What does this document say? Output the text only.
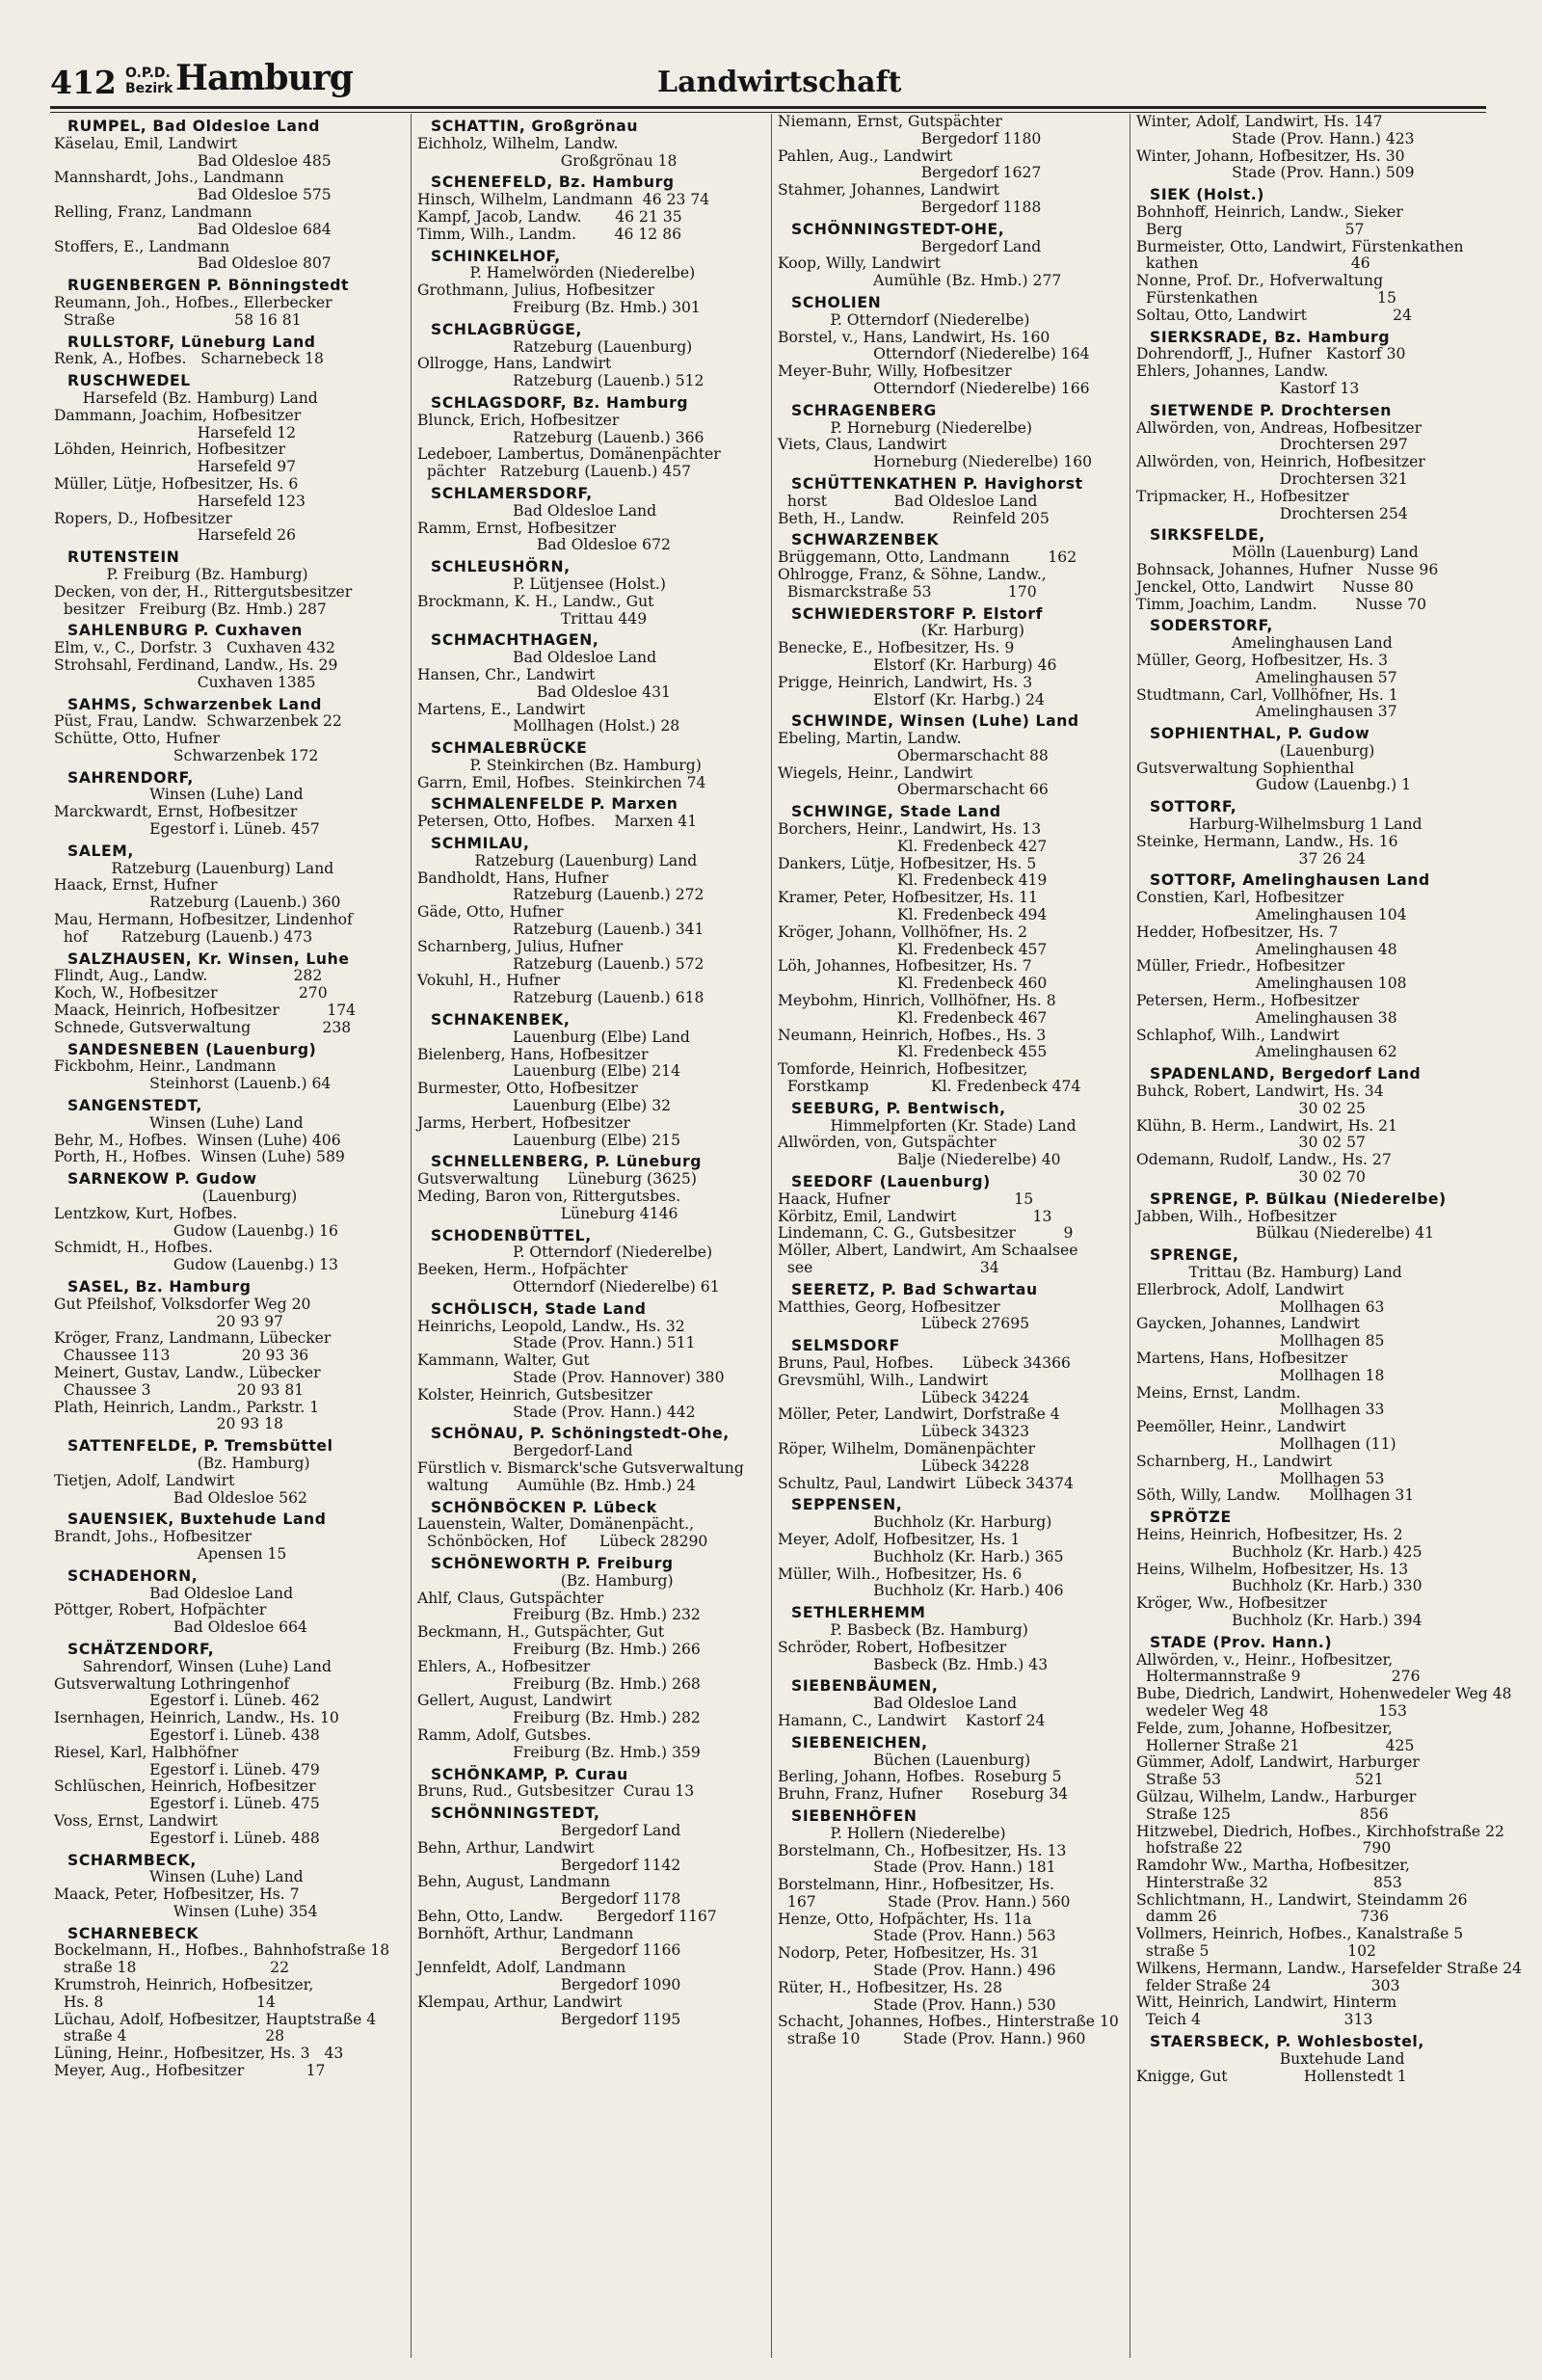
412 O.P.D.
Bezirk Hamburg	Landwirtschaft
RUMPEL, Bad Oldesloe Land
Käselau, Emil, Landwirt
Bad Oldesloe 485
Mannshardt, Johs., Landmann
Bad Oldesloe 575
Relling, Franz, Landmann
Bad Oldesloe 684
Stoffers, E., Landmann
Bad Oldesloe 807
RUGENBERGEN P. Bönningstedt
Reumann, Joh., Hofbes., Ellerbecker
Straße                         58 16 81
RULLSTORF, Lüneburg Land
Renk, A., Hofbes.   Scharnebeck 18
RUSCHWEDEL
Harsefeld (Bz. Hamburg) Land
Dammann, Joachim, Hofbesitzer
Harsefeld 12
Löhden, Heinrich, Hofbesitzer
Harsefeld 97
Müller, Lütje, Hofbesitzer, Hs. 6
Harsefeld 123
Ropers, D., Hofbesitzer
Harsefeld 26
RUTENSTEIN
P. Freiburg (Bz. Hamburg)
Decken, von der, H., Rittergutsbesitzer
besitzer   Freiburg (Bz. Hmb.) 287
SAHLENBURG P. Cuxhaven
Elm, v., C., Dorfstr. 3   Cuxhaven 432
Strohsahl, Ferdinand, Landw., Hs. 29
Cuxhaven 1385
SAHMS, Schwarzenbek Land
Püst, Frau, Landw.  Schwarzenbek 22
Schütte, Otto, Hufner
Schwarzenbek 172
SAHRENDORF,
Winsen (Luhe) Land
Marckwardt, Ernst, Hofbesitzer
Egestorf i. Lüneb. 457
SALEM,
Ratzeburg (Lauenburg) Land
Haack, Ernst, Hufner
Ratzeburg (Lauenb.) 360
Mau, Hermann, Hofbesitzer, Lindenhof
hof       Ratzeburg (Lauenb.) 473
SALZHAUSEN, Kr. Winsen, Luhe
Flindt, Aug., Landw.                  282
Koch, W., Hofbesitzer                 270
Maack, Heinrich, Hofbesitzer          174
Schnede, Gutsverwaltung               238
SANDESNEBEN (Lauenburg)
Fickbohm, Heinr., Landmann
Steinhorst (Lauenb.) 64
SANGENSTEDT,
Winsen (Luhe) Land
Behr, M., Hofbes.  Winsen (Luhe) 406
Porth, H., Hofbes.  Winsen (Luhe) 589
SARNEKOW P. Gudow
(Lauenburg)
Lentzkow, Kurt, Hofbes.
Gudow (Lauenbg.) 16
Schmidt, H., Hofbes.
Gudow (Lauenbg.) 13
SASEL, Bz. Hamburg
Gut Pfeilshof, Volksdorfer Weg 20
20 93 97
Kröger, Franz, Landmann, Lübecker
Chaussee 113               20 93 36
Meinert, Gustav, Landw., Lübecker
Chaussee 3                  20 93 81
Plath, Heinrich, Landm., Parkstr. 1
20 93 18
SATTENFELDE, P. Tremsbüttel
(Bz. Hamburg)
Tietjen, Adolf, Landwirt
Bad Oldesloe 562
SAUENSIEK, Buxtehude Land
Brandt, Johs., Hofbesitzer
Apensen 15
SCHADEHORN,
Bad Oldesloe Land
Pöttger, Robert, Hofpächter
Bad Oldesloe 664
SCHÄTZENDORF,
Sahrendorf, Winsen (Luhe) Land
Gutsverwaltung Lothringenhof
Egestorf i. Lüneb. 462
Isernhagen, Heinrich, Landw., Hs. 10
Egestorf i. Lüneb. 438
Riesel, Karl, Halbhöfner
Egestorf i. Lüneb. 479
Schlüschen, Heinrich, Hofbesitzer
Egestorf i. Lüneb. 475
Voss, Ernst, Landwirt
Egestorf i. Lüneb. 488
SCHARMBECK,
Winsen (Luhe) Land
Maack, Peter, Hofbesitzer, Hs. 7
Winsen (Luhe) 354
SCHARNEBECK
Bockelmann, H., Hofbes., Bahnhofstraße 18
straße 18                            22
Krumstroh, Heinrich, Hofbesitzer,
Hs. 8                                14
Lüchau, Adolf, Hofbesitzer, Hauptstraße 4
straße 4                             28
Lüning, Heinr., Hofbesitzer, Hs. 3   43
Meyer, Aug., Hofbesitzer             17
SCHATTIN, Großgrönau
Eichholz, Wilhelm, Landw.
Großgrönau 18
SCHENEFELD, Bz. Hamburg
Hinsch, Wilhelm, Landmann  46 23 74
Kampf, Jacob, Landw.       46 21 35
Timm, Wilh., Landm.        46 12 86
SCHINKELHOF,
P. Hamelwörden (Niederelbe)
Grothmann, Julius, Hofbesitzer
Freiburg (Bz. Hmb.) 301
SCHLAGBRÜGGE,
Ratzeburg (Lauenburg)
Ollrogge, Hans, Landwirt
Ratzeburg (Lauenb.) 512
SCHLAGSDORF, Bz. Hamburg
Blunck, Erich, Hofbesitzer
Ratzeburg (Lauenb.) 366
Ledeboer, Lambertus, Domänenpächter
pächter   Ratzeburg (Lauenb.) 457
SCHLAMERSDORF,
Bad Oldesloe Land
Ramm, Ernst, Hofbesitzer
Bad Oldesloe 672
SCHLEUSHÖRN,
P. Lütjensee (Holst.)
Brockmann, K. H., Landw., Gut
Trittau 449
SCHMACHTHAGEN,
Bad Oldesloe Land
Hansen, Chr., Landwirt
Bad Oldesloe 431
Martens, E., Landwirt
Mollhagen (Holst.) 28
SCHMALEBRÜCKE
P. Steinkirchen (Bz. Hamburg)
Garrn, Emil, Hofbes.  Steinkirchen 74
SCHMALENFELDE P. Marxen
Petersen, Otto, Hofbes.    Marxen 41
SCHMILAU,
Ratzeburg (Lauenburg) Land
Bandholdt, Hans, Hufner
Ratzeburg (Lauenb.) 272
Gäde, Otto, Hufner
Ratzeburg (Lauenb.) 341
Scharnberg, Julius, Hufner
Ratzeburg (Lauenb.) 572
Vokuhl, H., Hufner
Ratzeburg (Lauenb.) 618
SCHNAKENBEK,
Lauenburg (Elbe) Land
Bielenberg, Hans, Hofbesitzer
Lauenburg (Elbe) 214
Burmester, Otto, Hofbesitzer
Lauenburg (Elbe) 32
Jarms, Herbert, Hofbesitzer
Lauenburg (Elbe) 215
SCHNELLENBERG, P. Lüneburg
Gutsverwaltung      Lüneburg (3625)
Meding, Baron von, Rittergutsbes.
Lüneburg 4146
SCHODENBÜTTEL,
P. Otterndorf (Niederelbe)
Beeken, Herm., Hofpächter
Otterndorf (Niederelbe) 61
SCHÖLISCH, Stade Land
Heinrichs, Leopold, Landw., Hs. 32
Stade (Prov. Hann.) 511
Kammann, Walter, Gut
Stade (Prov. Hannover) 380
Kolster, Heinrich, Gutsbesitzer
Stade (Prov. Hann.) 442
SCHÖNAU, P. Schöningstedt-Ohe,
Bergedorf-Land
Fürstlich v. Bismarck'sche Gutsverwaltung
waltung      Aumühle (Bz. Hmb.) 24
SCHÖNBÖCKEN P. Lübeck
Lauenstein, Walter, Domänenpächt.,
Schönböcken, Hof       Lübeck 28290
SCHÖNEWORTH P. Freiburg
(Bz. Hamburg)
Ahlf, Claus, Gutspächter
Freiburg (Bz. Hmb.) 232
Beckmann, H., Gutspächter, Gut
Freiburg (Bz. Hmb.) 266
Ehlers, A., Hofbesitzer
Freiburg (Bz. Hmb.) 268
Gellert, August, Landwirt
Freiburg (Bz. Hmb.) 282
Ramm, Adolf, Gutsbes.
Freiburg (Bz. Hmb.) 359
SCHÖNKAMP, P. Curau
Bruns, Rud., Gutsbesitzer  Curau 13
SCHÖNNINGSTEDT,
Bergedorf Land
Behn, Arthur, Landwirt
Bergedorf 1142
Behn, August, Landmann
Bergedorf 1178
Behn, Otto, Landw.       Bergedorf 1167
Bornhöft, Arthur, Landmann
Bergedorf 1166
Jennfeldt, Adolf, Landmann
Bergedorf 1090
Klempau, Arthur, Landwirt
Bergedorf 1195
Niemann, Ernst, Gutspächter
Bergedorf 1180
Pahlen, Aug., Landwirt
Bergedorf 1627
Stahmer, Johannes, Landwirt
Bergedorf 1188
SCHÖNNINGSTEDT-OHE,
Bergedorf Land
Koop, Willy, Landwirt
Aumühle (Bz. Hmb.) 277
SCHOLIEN
P. Otterndorf (Niederelbe)
Borstel, v., Hans, Landwirt, Hs. 160
Otterndorf (Niederelbe) 164
Meyer-Buhr, Willy, Hofbesitzer
Otterndorf (Niederelbe) 166
SCHRAGENBERG
P. Horneburg (Niederelbe)
Viets, Claus, Landwirt
Horneburg (Niederelbe) 160
SCHÜTTENKATHEN P. Havighorst
horst              Bad Oldesloe Land
Beth, H., Landw.          Reinfeld 205
SCHWARZENBEK
Brüggemann, Otto, Landmann        162
Ohlrogge, Franz, & Söhne, Landw.,
Bismarckstraße 53                170
SCHWIEDERSTORF P. Elstorf
(Kr. Harburg)
Benecke, E., Hofbesitzer, Hs. 9
Elstorf (Kr. Harburg) 46
Prigge, Heinrich, Landwirt, Hs. 3
Elstorf (Kr. Harbg.) 24
SCHWINDE, Winsen (Luhe) Land
Ebeling, Martin, Landw.
Obermarschacht 88
Wiegels, Heinr., Landwirt
Obermarschacht 66
SCHWINGE, Stade Land
Borchers, Heinr., Landwirt, Hs. 13
Kl. Fredenbeck 427
Dankers, Lütje, Hofbesitzer, Hs. 5
Kl. Fredenbeck 419
Kramer, Peter, Hofbesitzer, Hs. 11
Kl. Fredenbeck 494
Kröger, Johann, Vollhöfner, Hs. 2
Kl. Fredenbeck 457
Löh, Johannes, Hofbesitzer, Hs. 7
Kl. Fredenbeck 460
Meybohm, Hinrich, Vollhöfner, Hs. 8
Kl. Fredenbeck 467
Neumann, Heinrich, Hofbes., Hs. 3
Kl. Fredenbeck 455
Tomforde, Heinrich, Hofbesitzer,
Forstkamp             Kl. Fredenbeck 474
SEEBURG, P. Bentwisch,
Himmelpforten (Kr. Stade) Land
Allwörden, von, Gutspächter
Balje (Niederelbe) 40
SEEDORF (Lauenburg)
Haack, Hufner                          15
Körbitz, Emil, Landwirt                13
Lindemann, C. G., Gutsbesitzer          9
Möller, Albert, Landwirt, Am Schaalsee
see                                   34
SEERETZ, P. Bad Schwartau
Matthies, Georg, Hofbesitzer
Lübeck 27695
SELMSDORF
Bruns, Paul, Hofbes.      Lübeck 34366
Grevsmühl, Wilh., Landwirt
Lübeck 34224
Möller, Peter, Landwirt, Dorfstraße 4
Lübeck 34323
Röper, Wilhelm, Domänenpächter
Lübeck 34228
Schultz, Paul, Landwirt  Lübeck 34374
SEPPENSEN,
Buchholz (Kr. Harburg)
Meyer, Adolf, Hofbesitzer, Hs. 1
Buchholz (Kr. Harb.) 365
Müller, Wilh., Hofbesitzer, Hs. 6
Buchholz (Kr. Harb.) 406
SETHLERHEMM
P. Basbeck (Bz. Hamburg)
Schröder, Robert, Hofbesitzer
Basbeck (Bz. Hmb.) 43
SIEBENBÄUMEN,
Bad Oldesloe Land
Hamann, C., Landwirt    Kastorf 24
SIEBENEICHEN,
Büchen (Lauenburg)
Berling, Johann, Hofbes.  Roseburg 5
Bruhn, Franz, Hufner      Roseburg 34
SIEBENHÖFEN
P. Hollern (Niederelbe)
Borstelmann, Ch., Hofbesitzer, Hs. 13
Stade (Prov. Hann.) 181
Borstelmann, Hinr., Hofbesitzer, Hs.
167               Stade (Prov. Hann.) 560
Henze, Otto, Hofpächter, Hs. 11a
Stade (Prov. Hann.) 563
Nodorp, Peter, Hofbesitzer, Hs. 31
Stade (Prov. Hann.) 496
Rüter, H., Hofbesitzer, Hs. 28
Stade (Prov. Hann.) 530
Schacht, Johannes, Hofbes., Hinterstraße 10
straße 10         Stade (Prov. Hann.) 960
Winter, Adolf, Landwirt, Hs. 147
Stade (Prov. Hann.) 423
Winter, Johann, Hofbesitzer, Hs. 30
Stade (Prov. Hann.) 509
SIEK (Holst.)
Bohnhoff, Heinrich, Landw., Sieker
Berg                                  57
Burmeister, Otto, Landwirt, Fürstenkathen
kathen                                46
Nonne, Prof. Dr., Hofverwaltung
Fürstenkathen                         15
Soltau, Otto, Landwirt                  24
SIERKSRADE, Bz. Hamburg
Dohrendorff, J., Hufner   Kastorf 30
Ehlers, Johannes, Landw.
Kastorf 13
SIETWENDE P. Drochtersen
Allwörden, von, Andreas, Hofbesitzer
Drochtersen 297
Allwörden, von, Heinrich, Hofbesitzer
Drochtersen 321
Tripmacker, H., Hofbesitzer
Drochtersen 254
SIRKSFELDE,
Mölln (Lauenburg) Land
Bohnsack, Johannes, Hufner   Nusse 96
Jenckel, Otto, Landwirt      Nusse 80
Timm, Joachim, Landm.        Nusse 70
SODERSTORF,
Amelinghausen Land
Müller, Georg, Hofbesitzer, Hs. 3
Amelinghausen 57
Studtmann, Carl, Vollhöfner, Hs. 1
Amelinghausen 37
SOPHIENTHAL, P. Gudow
(Lauenburg)
Gutsverwaltung Sophienthal
Gudow (Lauenbg.) 1
SOTTORF,
Harburg-Wilhelmsburg 1 Land
Steinke, Hermann, Landw., Hs. 16
37 26 24
SOTTORF, Amelinghausen Land
Constien, Karl, Hofbesitzer
Amelinghausen 104
Hedder, Hofbesitzer, Hs. 7
Amelinghausen 48
Müller, Friedr., Hofbesitzer
Amelinghausen 108
Petersen, Herm., Hofbesitzer
Amelinghausen 38
Schlaphof, Wilh., Landwirt
Amelinghausen 62
SPADENLAND, Bergedorf Land
Buhck, Robert, Landwirt, Hs. 34
30 02 25
Klühn, B. Herm., Landwirt, Hs. 21
30 02 57
Odemann, Rudolf, Landw., Hs. 27
30 02 70
SPRENGE, P. Bülkau (Niederelbe)
Jabben, Wilh., Hofbesitzer
Bülkau (Niederelbe) 41
SPRENGE,
Trittau (Bz. Hamburg) Land
Ellerbrock, Adolf, Landwirt
Mollhagen 63
Gaycken, Johannes, Landwirt
Mollhagen 85
Martens, Hans, Hofbesitzer
Mollhagen 18
Meins, Ernst, Landm.
Mollhagen 33
Peemöller, Heinr., Landwirt
Mollhagen (11)
Scharnberg, H., Landwirt
Mollhagen 53
Söth, Willy, Landw.      Mollhagen 31
SPRÖTZE
Heins, Heinrich, Hofbesitzer, Hs. 2
Buchholz (Kr. Harb.) 425
Heins, Wilhelm, Hofbesitzer, Hs. 13
Buchholz (Kr. Harb.) 330
Kröger, Ww., Hofbesitzer
Buchholz (Kr. Harb.) 394
STADE (Prov. Hann.)
Allwörden, v., Heinr., Hofbesitzer,
Holtermannstraße 9                   276
Bube, Diedrich, Landwirt, Hohenwedeler Weg 48
wedeler Weg 48                       153
Felde, zum, Johanne, Hofbesitzer,
Hollerner Straße 21                  425
Gümmer, Adolf, Landwirt, Harburger
Straße 53                            521
Gülzau, Wilhelm, Landw., Harburger
Straße 125                           856
Hitzwebel, Diedrich, Hofbes., Kirchhofstraße 22
hofstraße 22                         790
Ramdohr Ww., Martha, Hofbesitzer,
Hinterstraße 32                      853
Schlichtmann, H., Landwirt, Steindamm 26
damm 26                              736
Vollmers, Heinrich, Hofbes., Kanalstraße 5
straße 5                             102
Wilkens, Hermann, Landw., Harsefelder Straße 24
felder Straße 24                     303
Witt, Heinrich, Landwirt, Hinterm
Teich 4                              313
STAERSBECK, P. Wohlesbostel,
Buxtehude Land
Knigge, Gut                Hollenstedt 1
